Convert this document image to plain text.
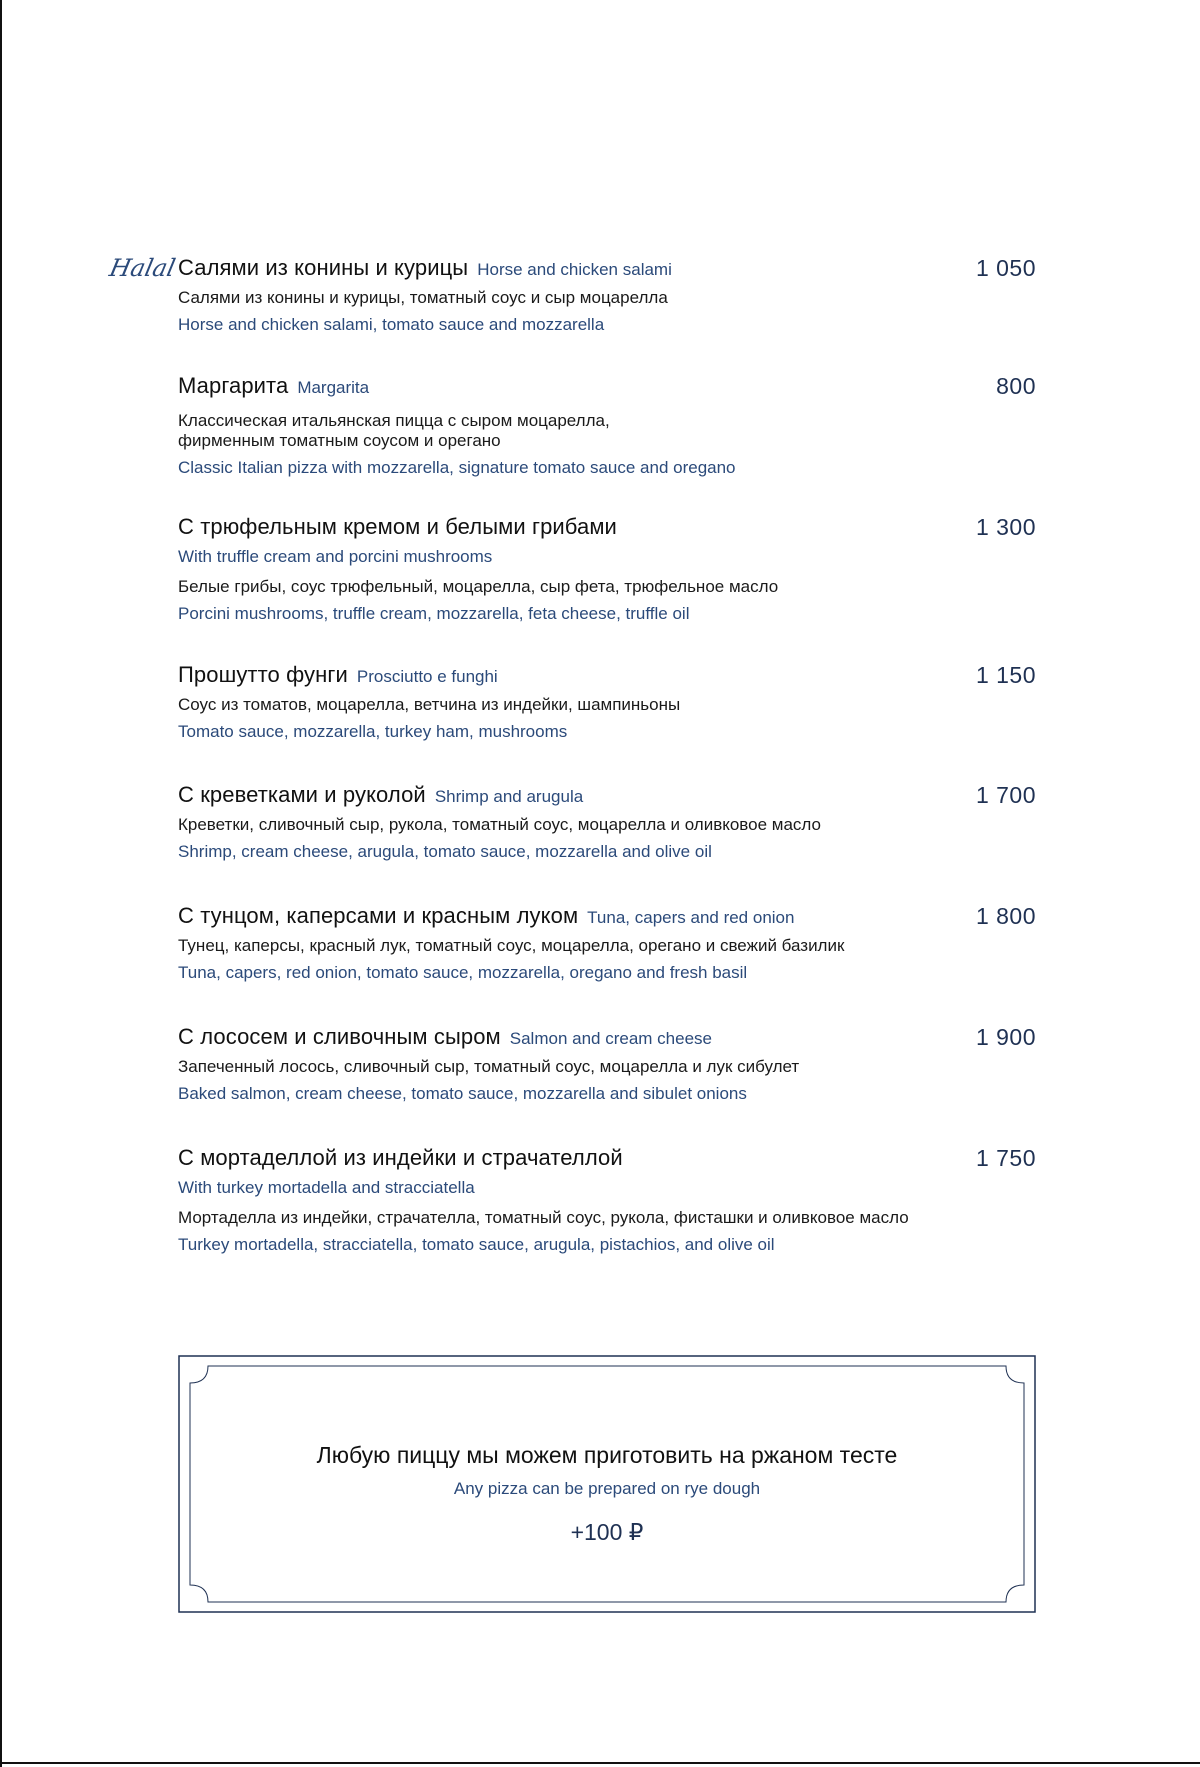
Halal Салями из конины и курицы Horse and chicken salami	1 050
Салями из конины и курицы, томатный соус и сыр моцарелла
Horse and chicken salami, tomato sauce and mozzarella
Маргарита Margarita	800
Классическая итальянская пицца с сыром моцарелла,
фирменным томатным соусом и орегано
Classic Italian pizza with mozzarella, signature tomato sauce and oregano
С трюфельным кремом и белыми грибами	1 300
With truffle cream and porcini mushrooms
Белые грибы, соус трюфельный, моцарелла, сыр фета, трюфельное масло
Porcini mushrooms, truffle cream, mozzarella, feta cheese, truffle oil
Прошутто фунги Prosciutto e funghi	1 150
Соус из томатов, моцарелла, ветчина из индейки, шампиньоны
Tomato sauce, mozzarella, turkey ham, mushrooms
С креветками и руколой Shrimp and arugula	1 700
Креветки, сливочный сыр, рукола, томатный соус, моцарелла и оливковое масло
Shrimp, cream cheese, arugula, tomato sauce, mozzarella and olive oil
С тунцом, каперсами и красным луком Tuna, capers and red onion	1 800
Тунец, каперсы, красный лук, томатный соус, моцарелла, орегано и свежий базилик
Tuna, capers, red onion, tomato sauce, mozzarella, oregano and fresh basil
С лососем и сливочным сыром Salmon and cream cheese	1 900
Запеченный лосось, сливочный сыр, томатный соус, моцарелла и лук сибулет
Baked salmon, cream cheese, tomato sauce, mozzarella and sibulet onions
С мортаделлой из индейки и страчателлой	1 750
With turkey mortadella and stracciatella
Мортаделла из индейки, страчателла, томатный соус, рукола, фисташки и оливковое масло
Turkey mortadella, stracciatella, tomato sauce, arugula, pistachios, and olive oil
Любую пиццу мы можем приготовить на ржаном тесте
Any pizza can be prepared on rye dough
+100 ₽
